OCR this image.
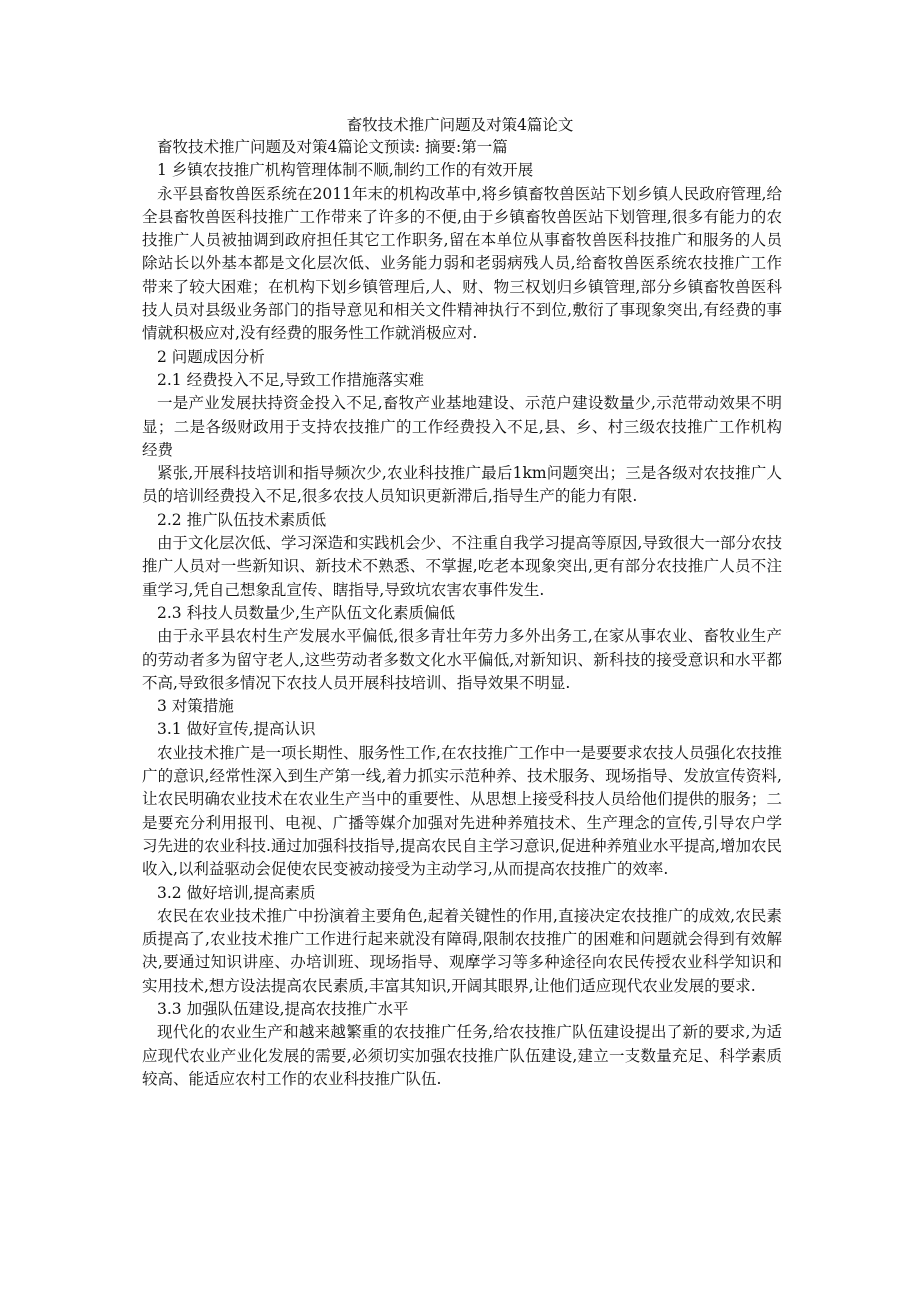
畜牧技术推广问题及对策4篇论文

畜牧技术推广问题及对策4篇论文预读: 摘要:第一篇

1 乡镇农技推广机构管理体制不顺,制约工作的有效开展

永平县畜牧兽医系统在2011年末的机构改革中,将乡镇畜牧兽医站下划乡镇人民政府管理,给全县畜牧兽医科技推广工作带来了许多的不便,由于乡镇畜牧兽医站下划管理,很多有能力的农技推广人员被抽调到政府担任其它工作职务,留在本单位从事畜牧兽医科技推广和服务的人员除站长以外基本都是文化层次低、业务能力弱和老弱病残人员,给畜牧兽医系统农技推广工作带来了较大困难；在机构下划乡镇管理后,人、财、物三权划归乡镇管理,部分乡镇畜牧兽医科技人员对县级业务部门的指导意见和相关文件精神执行不到位,敷衍了事现象突出,有经费的事情就积极应对,没有经费的服务性工作就消极应对.

2 问题成因分析

2.1 经费投入不足,导致工作措施落实难

一是产业发展扶持资金投入不足,畜牧产业基地建设、示范户建设数量少,示范带动效果不明显；二是各级财政用于支持农技推广的工作经费投入不足,县、乡、村三级农技推广工作机构经费

紧张,开展科技培训和指导频次少,农业科技推广最后1km问题突出；三是各级对农技推广人员的培训经费投入不足,很多农技人员知识更新滞后,指导生产的能力有限.

2.2 推广队伍技术素质低

由于文化层次低、学习深造和实践机会少、不注重自我学习提高等原因,导致很大一部分农技推广人员对一些新知识、新技术不熟悉、不掌握,吃老本现象突出,更有部分农技推广人员不注重学习,凭自己想象乱宣传、瞎指导,导致坑农害农事件发生.

2.3 科技人员数量少,生产队伍文化素质偏低

由于永平县农村生产发展水平偏低,很多青壮年劳力多外出务工,在家从事农业、畜牧业生产的劳动者多为留守老人,这些劳动者多数文化水平偏低,对新知识、新科技的接受意识和水平都不高,导致很多情况下农技人员开展科技培训、指导效果不明显.

3 对策措施

3.1 做好宣传,提高认识

农业技术推广是一项长期性、服务性工作,在农技推广工作中一是要要求农技人员强化农技推广的意识,经常性深入到生产第一线,着力抓实示范种养、技术服务、现场指导、发放宣传资料,让农民明确农业技术在农业生产当中的重要性、从思想上接受科技人员给他们提供的服务；二是要充分利用报刊、电视、广播等媒介加强对先进种养殖技术、生产理念的宣传,引导农户学习先进的农业科技.通过加强科技指导,提高农民自主学习意识,促进种养殖业水平提高,增加农民收入,以利益驱动会促使农民变被动接受为主动学习,从而提高农技推广的效率.

3.2 做好培训,提高素质

农民在农业技术推广中扮演着主要角色,起着关键性的作用,直接决定农技推广的成效,农民素质提高了,农业技术推广工作进行起来就没有障碍,限制农技推广的困难和问题就会得到有效解决,要通过知识讲座、办培训班、现场指导、观摩学习等多种途径向农民传授农业科学知识和实用技术,想方设法提高农民素质,丰富其知识,开阔其眼界,让他们适应现代农业发展的要求.

3.3 加强队伍建设,提高农技推广水平

现代化的农业生产和越来越繁重的农技推广任务,给农技推广队伍建设提出了新的要求,为适应现代农业产业化发展的需要,必须切实加强农技推广队伍建设,建立一支数量充足、科学素质较高、能适应农村工作的农业科技推广队伍.
